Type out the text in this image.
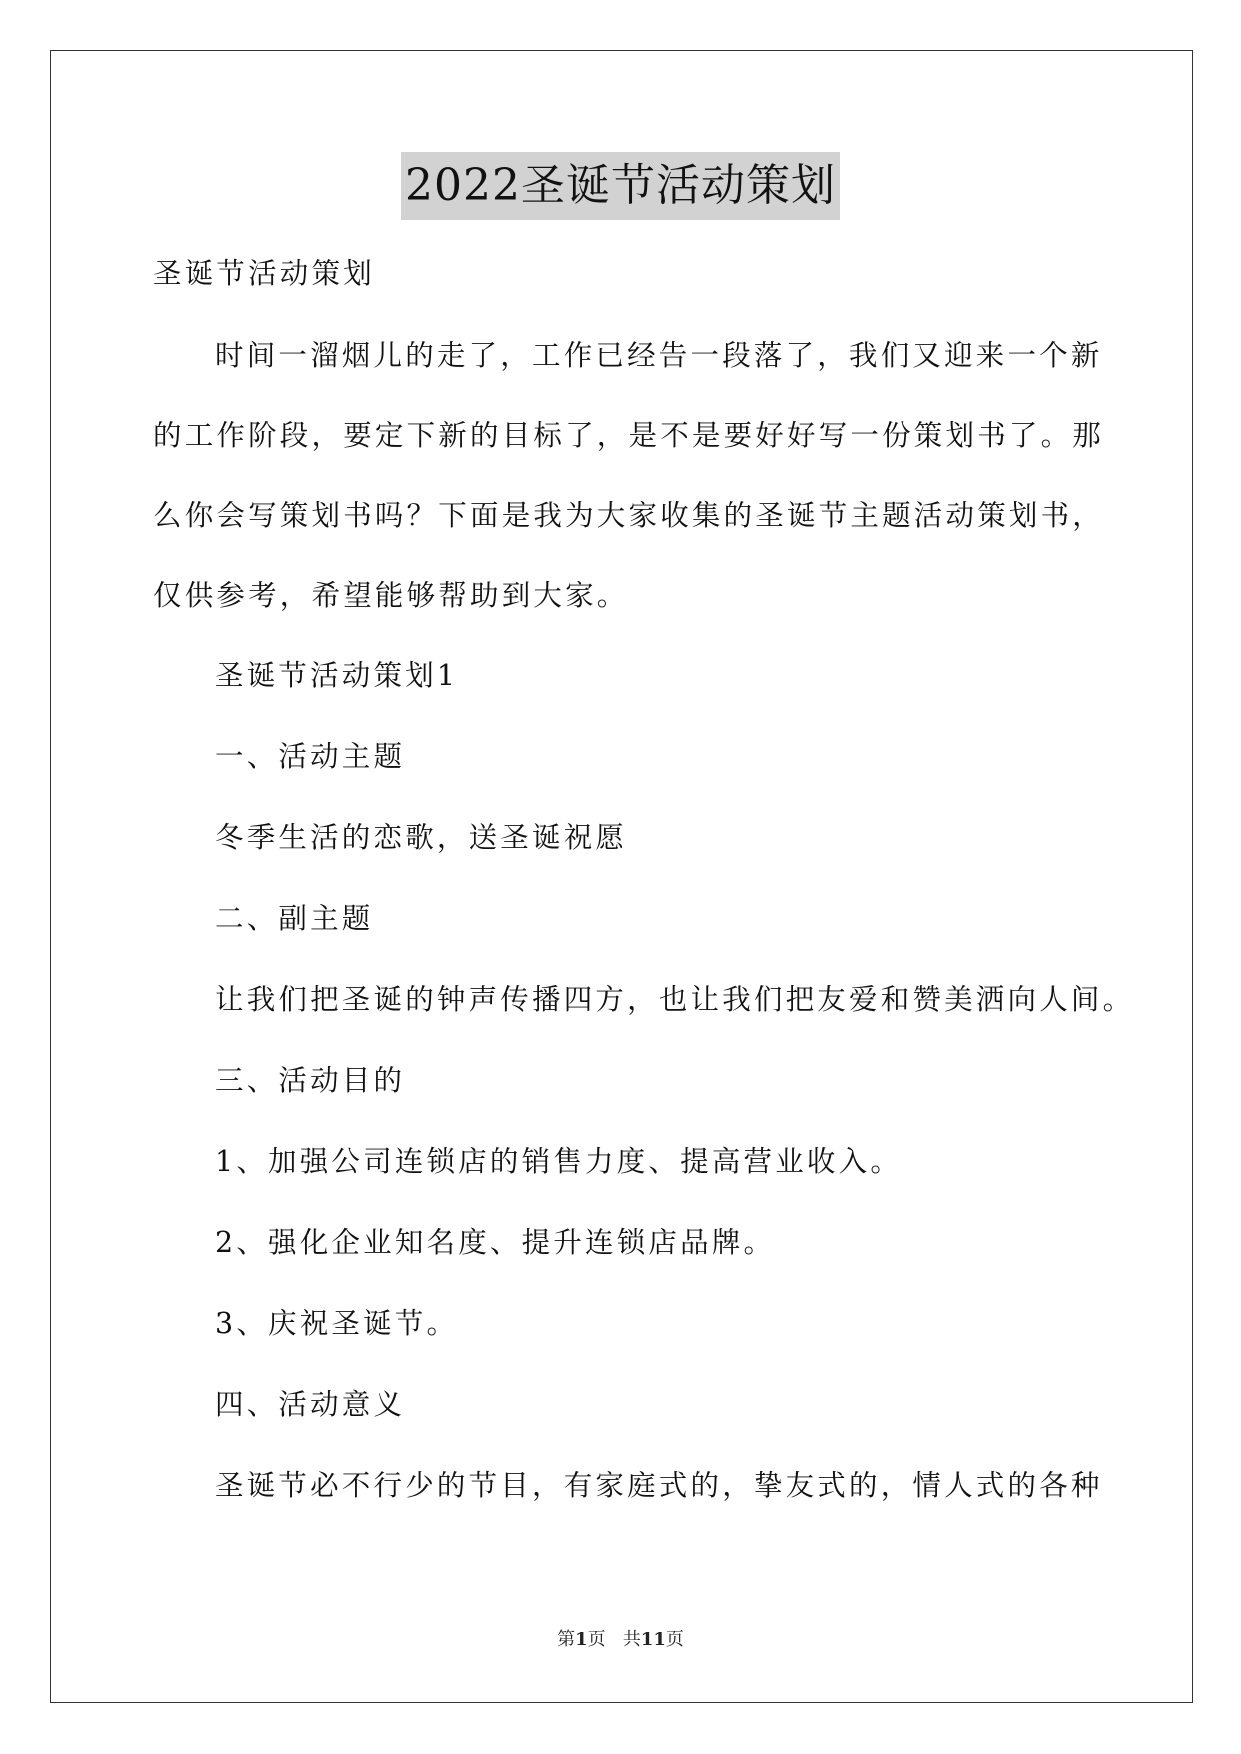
2022圣诞节活动策划
圣诞节活动策划
时间一溜烟儿的走了，工作已经告一段落了，我们又迎来一个新
的工作阶段，要定下新的目标了，是不是要好好写一份策划书了。那
么你会写策划书吗？下面是我为大家收集的圣诞节主题活动策划书，
仅供参考，希望能够帮助到大家。
圣诞节活动策划1
一、活动主题
冬季生活的恋歌，送圣诞祝愿
二、副主题
让我们把圣诞的钟声传播四方，也让我们把友爱和赞美洒向人间。
三、活动目的
1、加强公司连锁店的销售力度、提高营业收入。
2、强化企业知名度、提升连锁店品牌。
3、庆祝圣诞节。
四、活动意义
圣诞节必不行少的节目，有家庭式的，挚友式的，情人式的各种
第1页 共11页
